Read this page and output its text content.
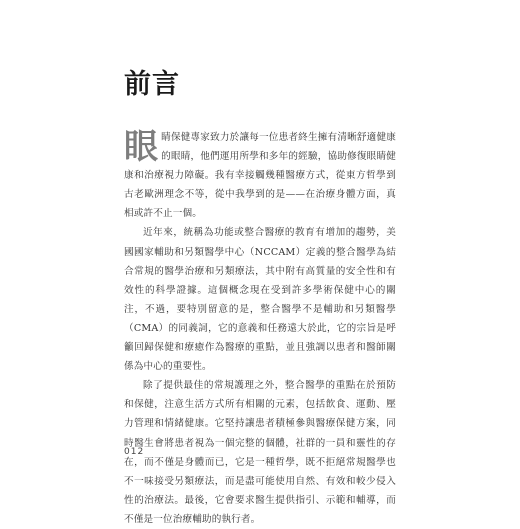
前言

眼睛保健專家致力於讓每一位患者終生擁有清晰舒適健康的眼睛，他們運用所學和多年的經驗，協助修復眼睛健康和治療視力障礙。我有幸接觸幾種醫療方式，從東方哲學到古老歐洲理念不等，從中我學到的是——在治療身體方面，真相或許不止一個。

近年來，統稱為功能或整合醫療的教育有增加的趨勢，美國國家輔助和另類醫學中心（NCCAM）定義的整合醫學為結合常規的醫學治療和另類療法，其中附有高質量的安全性和有效性的科學證據。這個概念現在受到許多學術保健中心的關注，不過，要特別留意的是，整合醫學不是輔助和另類醫學（CMA）的同義詞，它的意義和任務遠大於此，它的宗旨是呼籲回歸保健和療癒作為醫療的重點，並且強調以患者和醫師關係為中心的重要性。

除了提供最佳的常規護理之外，整合醫學的重點在於預防和保健，注意生活方式所有相關的元素，包括飲食、運動、壓力管理和情緒健康。它堅持讓患者積極參與醫療保健方案，同時醫生會將患者視為一個完整的個體，社群的一員和靈性的存在，而不僅是身體而已，它是一種哲學，既不拒絕常規醫學也不一味接受另類療法，而是盡可能使用自然、有效和較少侵入性的治療法。最後，它會要求醫生提供指引、示範和輔導，而不僅是一位治療輔助的執行者。

012
